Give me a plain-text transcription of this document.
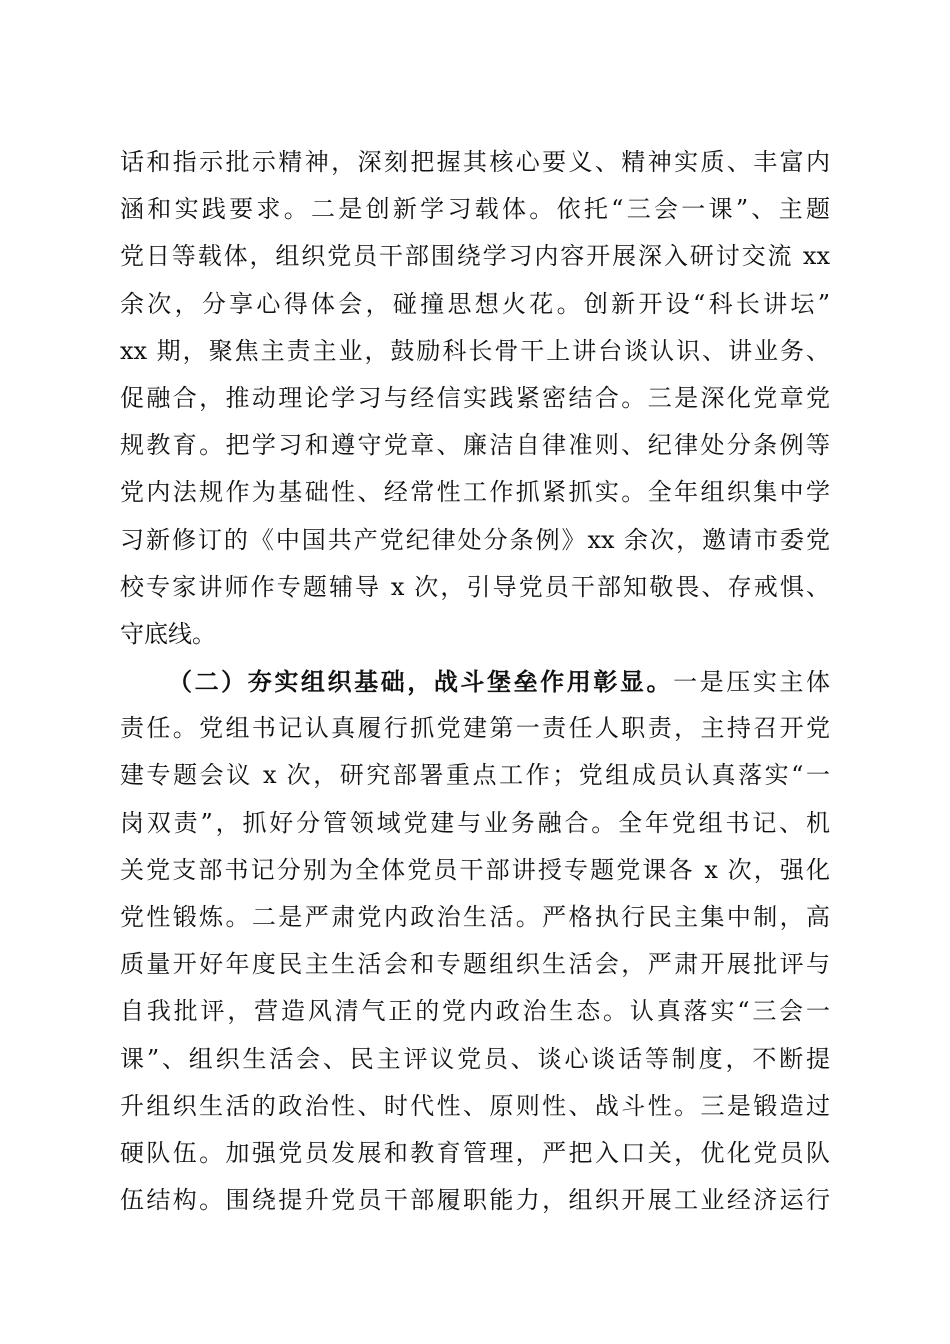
话和指示批示精神，深刻把握其核心要义、精神实质、丰富内
涵和实践要求。二是创新学习载体。依托“三会一课”、主题
党日等载体，组织党员干部围绕学习内容开展深入研讨交流 xx
余次，分享心得体会，碰撞思想火花。创新开设“科长讲坛”
xx 期，聚焦主责主业，鼓励科长骨干上讲台谈认识、讲业务、
促融合，推动理论学习与经信实践紧密结合。三是深化党章党
规教育。把学习和遵守党章、廉洁自律准则、纪律处分条例等
党内法规作为基础性、经常性工作抓紧抓实。全年组织集中学
习新修订的《中国共产党纪律处分条例》xx 余次，邀请市委党
校专家讲师作专题辅导 x 次，引导党员干部知敬畏、存戒惧、
守底线。
（二）夯实组织基础，战斗堡垒作用彰显。一是压实主体
责任。党组书记认真履行抓党建第一责任人职责，主持召开党
建专题会议 x 次，研究部署重点工作；党组成员认真落实“一
岗双责”，抓好分管领域党建与业务融合。全年党组书记、机
关党支部书记分别为全体党员干部讲授专题党课各 x 次，强化
党性锻炼。二是严肃党内政治生活。严格执行民主集中制，高
质量开好年度民主生活会和专题组织生活会，严肃开展批评与
自我批评，营造风清气正的党内政治生态。认真落实“三会一
课”、组织生活会、民主评议党员、谈心谈话等制度，不断提
升组织生活的政治性、时代性、原则性、战斗性。三是锻造过
硬队伍。加强党员发展和教育管理，严把入口关，优化党员队
伍结构。围绕提升党员干部履职能力，组织开展工业经济运行
